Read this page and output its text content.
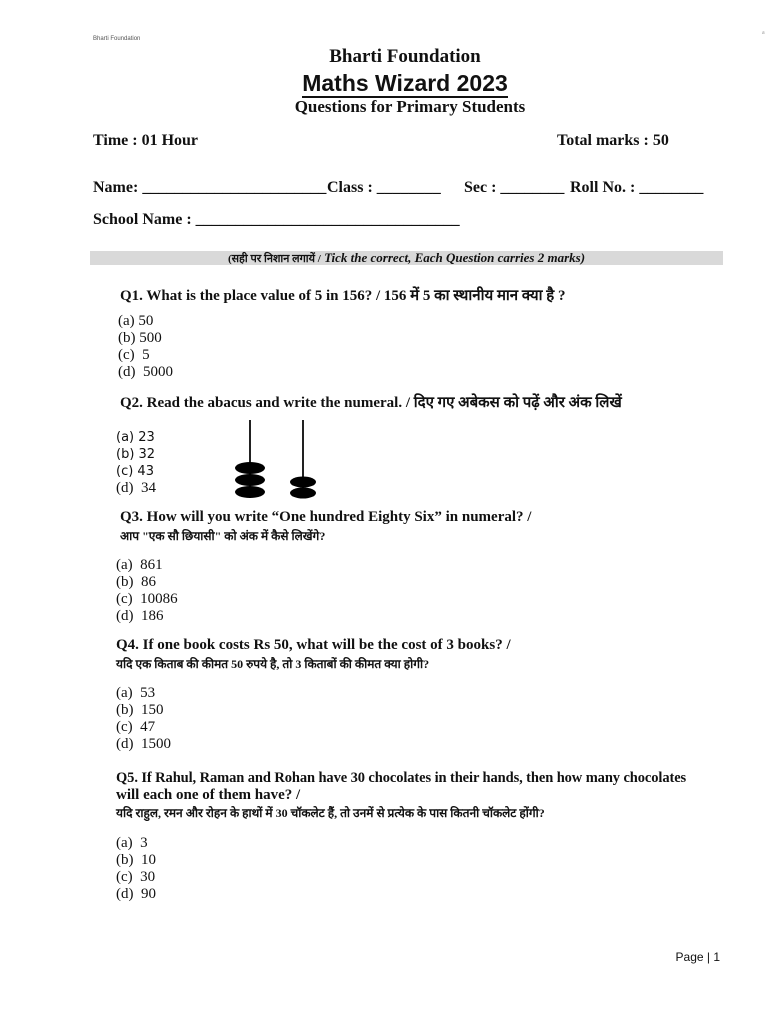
Bharti Foundation
a
Bharti Foundation
Maths Wizard 2023
Questions for Primary Students
Time : 01 Hour	Total marks : 50
Name: _______________________ Class : ________ Sec : ________ Roll No. : ________
School Name : _________________________________
(सही पर निशान लगायें / Tick the correct, Each Question carries 2 marks)
Q1. What is the place value of 5 in 156? / 156 में 5 का स्थानीय मान क्या है ?
(a) 50
(b) 500
(c)  5
(d)  5000
Q2. Read the abacus and write the numeral. / दिए गए अबेकस को पढ़ें और अंक लिखें
(a) 23
(b) 32
(c) 43
(d)  34
Q3. How will you write “One hundred Eighty Six” in numeral? /
आप "एक सौ छियासी" को अंक में कैसे लिखेंगे?
(a)  861
(b)  86
(c)  10086
(d)  186
Q4. If one book costs Rs 50, what will be the cost of 3 books? /
यदि एक किताब की कीमत 50 रुपये है, तो 3 किताबों की कीमत क्या होगी?
(a)  53
(b)  150
(c)  47
(d)  1500
Q5. If Rahul, Raman and Rohan have 30 chocolates in their hands, then how many chocolates
will each one of them have? /
यदि राहुल, रमन और रोहन के हाथों में 30 चॉकलेट हैं, तो उनमें से प्रत्येक के पास कितनी चॉकलेट होंगी?
(a)  3
(b)  10
(c)  30
(d)  90
Page | 1
